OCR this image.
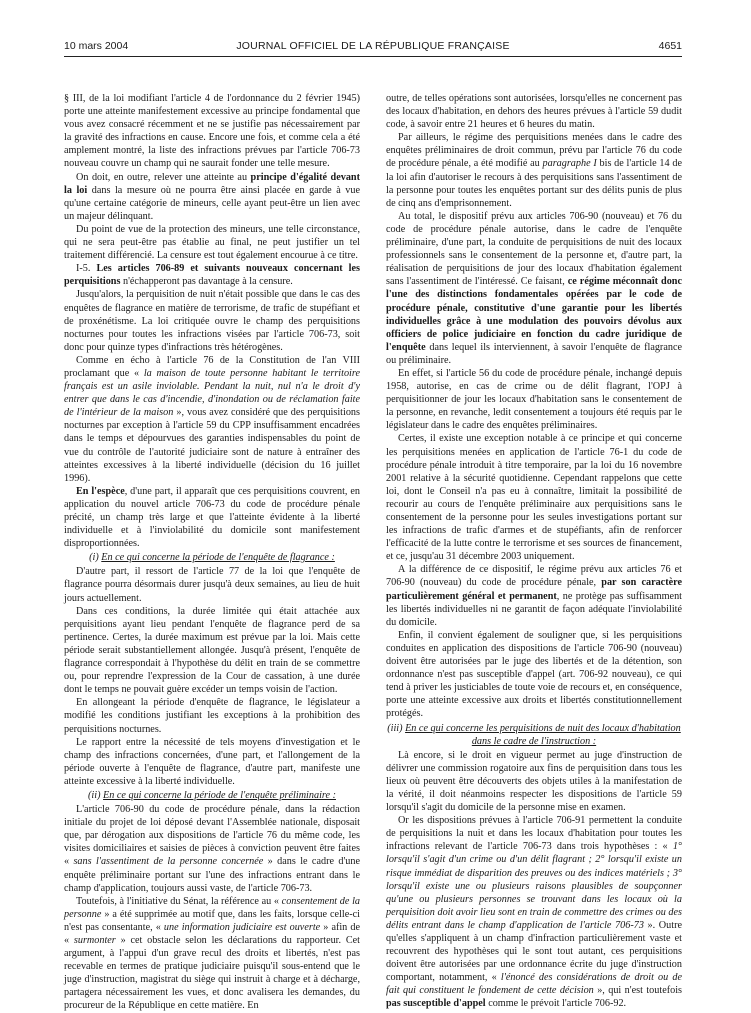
10 mars 2004	JOURNAL OFFICIEL DE LA RÉPUBLIQUE FRANÇAISE	4651

§ III, de la loi modifiant l'article 4 de l'ordonnance du 2 février 1945) porte une atteinte manifestement excessive au principe fondamental que vous avez consacré récemment et ne se justifie pas nécessairement par la gravité des infractions en cause. Encore une fois, et comme cela a été amplement montré, la liste des infractions prévues par l'article 706-73 nouveau couvre un champ qui ne saurait fonder une telle mesure.

On doit, en outre, relever une atteinte au principe d'égalité devant la loi dans la mesure où ne pourra être ainsi placée en garde à vue qu'une certaine catégorie de mineurs, celle ayant peut-être un lien avec un majeur délinquant.

Du point de vue de la protection des mineurs, une telle circonstance, qui ne sera peut-être pas établie au final, ne peut justifier un tel traitement différencié. La censure est tout également encourue à ce titre.

I-5. Les articles 706-89 et suivants nouveaux concernant les perquisitions n'échapperont pas davantage à la censure.

Jusqu'alors, la perquisition de nuit n'était possible que dans le cas des enquêtes de flagrance en matière de terrorisme, de trafic de stupéfiant et de proxénétisme. La loi critiquée ouvre le champ des perquisitions nocturnes pour toutes les infractions visées par l'article 706-73, soit donc pour quinze types d'infractions très hétérogènes.

Comme en écho à l'article 76 de la Constitution de l'an VIII proclamant que « la maison de toute personne habitant le territoire français est un asile inviolable. Pendant la nuit, nul n'a le droit d'y entrer que dans le cas d'incendie, d'inondation ou de réclamation faite de l'intérieur de la maison », vous avez considéré que des perquisitions nocturnes par exception à l'article 59 du CPP insuffisamment encadrées dans le temps et dépourvues des garanties indispensables du point de vue du contrôle de l'autorité judiciaire sont de nature à entraîner des atteintes excessives à la liberté individuelle (décision du 16 juillet 1996).

En l'espèce, d'une part, il apparaît que ces perquisitions couvrent, en application du nouvel article 706-73 du code de procédure pénale précité, un champ très large et que l'atteinte évidente à la liberté individuelle et à l'inviolabilité du domicile sont manifestement disproportionnées.

(i) En ce qui concerne la période de l'enquête de flagrance :

D'autre part, il ressort de l'article 77 de la loi que l'enquête de flagrance pourra désormais durer jusqu'à deux semaines, au lieu de huit jours actuellement.

Dans ces conditions, la durée limitée qui était attachée aux perquisitions ayant lieu pendant l'enquête de flagrance perd de sa pertinence. Certes, la durée maximum est prévue par la loi. Mais cette période serait substantiellement allongée. Jusqu'à présent, l'enquête de flagrance correspondait à l'hypothèse du délit en train de se commettre ou, pour reprendre l'expression de la Cour de cassation, à une durée dont le temps ne pouvait guère excéder un temps voisin de l'action.

En allongeant la période d'enquête de flagrance, le législateur a modifié les conditions justifiant les exceptions à la prohibition des perquisitions nocturnes.

Le rapport entre la nécessité de tels moyens d'investigation et le champ des infractions concernées, d'une part, et l'allongement de la période ouverte à l'enquête de flagrance, d'autre part, manifeste une atteinte excessive à la liberté individuelle.

(ii) En ce qui concerne la période de l'enquête préliminaire :

L'article 706-90 du code de procédure pénale, dans la rédaction initiale du projet de loi déposé devant l'Assemblée nationale, disposait que, par dérogation aux dispositions de l'article 76 du même code, les visites domiciliaires et saisies de pièces à conviction peuvent être faites « sans l'assentiment de la personne concernée » dans le cadre d'une enquête préliminaire portant sur l'une des infractions entrant dans le champ d'application, toujours aussi vaste, de l'article 706-73.

Toutefois, à l'initiative du Sénat, la référence au « consentement de la personne » a été supprimée au motif que, dans les faits, lorsque celle-ci n'est pas consentante, « une information judiciaire est ouverte » afin de « surmonter » cet obstacle selon les déclarations du rapporteur. Cet argument, à l'appui d'un grave recul des droits et libertés, n'est pas recevable en termes de pratique judiciaire puisqu'il sous-entend que le juge d'instruction, magistrat du siège qui instruit à charge et à décharge, partagera nécessairement les vues, et donc avalisera les demandes, du procureur de la République en cette matière. En

outre, de telles opérations sont autorisées, lorsqu'elles ne concernent pas des locaux d'habitation, en dehors des heures prévues à l'article 59 dudit code, à savoir entre 21 heures et 6 heures du matin.

Par ailleurs, le régime des perquisitions menées dans le cadre des enquêtes préliminaires de droit commun, prévu par l'article 76 du code de procédure pénale, a été modifié au paragraphe I bis de l'article 14 de la loi afin d'autoriser le recours à des perquisitions sans l'assentiment de la personne pour toutes les enquêtes portant sur des délits punis de plus de cinq ans d'emprisonnement.

Au total, le dispositif prévu aux articles 706-90 (nouveau) et 76 du code de procédure pénale autorise, dans le cadre de l'enquête préliminaire, d'une part, la conduite de perquisitions de nuit des locaux professionnels sans le consentement de la personne et, d'autre part, la réalisation de perquisitions de jour des locaux d'habitation également sans l'assentiment de l'intéressé. Ce faisant, ce régime méconnaît donc l'une des distinctions fondamentales opérées par le code de procédure pénale, constitutive d'une garantie pour les libertés individuelles grâce à une modulation des pouvoirs dévolus aux officiers de police judiciaire en fonction du cadre juridique de l'enquête dans lequel ils interviennent, à savoir l'enquête de flagrance ou préliminaire.

En effet, si l'article 56 du code de procédure pénale, inchangé depuis 1958, autorise, en cas de crime ou de délit flagrant, l'OPJ à perquisitionner de jour les locaux d'habitation sans le consentement de la personne, en revanche, ledit consentement a toujours été requis par le législateur dans le cadre des enquêtes préliminaires.

Certes, il existe une exception notable à ce principe et qui concerne les perquisitions menées en application de l'article 76-1 du code de procédure pénale introduit à titre temporaire, par la loi du 16 novembre 2001 relative à la sécurité quotidienne. Cependant rappelons que cette loi, dont le Conseil n'a pas eu à connaître, limitait la possibilité de recourir au cours de l'enquête préliminaire aux perquisitions sans le consentement de la personne pour les seules investigations portant sur les infractions de trafic d'armes et de stupéfiants, afin de renforcer l'efficacité de la lutte contre le terrorisme et ses sources de financement, et ce, jusqu'au 31 décembre 2003 uniquement.

A la différence de ce dispositif, le régime prévu aux articles 76 et 706-90 (nouveau) du code de procédure pénale, par son caractère particulièrement général et permanent, ne protège pas suffisamment les libertés individuelles ni ne garantit de façon adéquate l'inviolabilité du domicile.

Enfin, il convient également de souligner que, si les perquisitions conduites en application des dispositions de l'article 706-90 (nouveau) doivent être autorisées par le juge des libertés et de la détention, son ordonnance n'est pas susceptible d'appel (art. 706-92 nouveau), ce qui tend à priver les justiciables de toute voie de recours et, en conséquence, porte une atteinte excessive aux droits et libertés constitutionnellement protégés.

(iii) En ce qui concerne les perquisitions de nuit des locaux d'habitation dans le cadre de l'instruction :

Là encore, si le droit en vigueur permet au juge d'instruction de délivrer une commission rogatoire aux fins de perquisition dans tous les lieux où peuvent être découverts des objets utiles à la manifestation de la vérité, il doit néanmoins respecter les dispositions de l'article 59 lorsqu'il s'agit du domicile de la personne mise en examen.

Or les dispositions prévues à l'article 706-91 permettent la conduite de perquisitions la nuit et dans les locaux d'habitation pour toutes les infractions relevant de l'article 706-73 dans trois hypothèses : « 1° lorsqu'il s'agit d'un crime ou d'un délit flagrant ; 2° lorsqu'il existe un risque immédiat de disparition des preuves ou des indices matériels ; 3° lorsqu'il existe une ou plusieurs raisons plausibles de soupçonner qu'une ou plusieurs personnes se trouvant dans les locaux où la perquisition doit avoir lieu sont en train de commettre des crimes ou des délits entrant dans le champ d'application de l'article 706-73 ». Outre qu'elles s'appliquent à un champ d'infraction particulièrement vaste et recouvrent des hypothèses qui le sont tout autant, ces perquisitions doivent être autorisées par une ordonnance écrite du juge d'instruction comportant, notamment, « l'énoncé des considérations de droit ou de fait qui constituent le fondement de cette décision », qui n'est toutefois pas susceptible d'appel comme le prévoit l'article 706-92.
